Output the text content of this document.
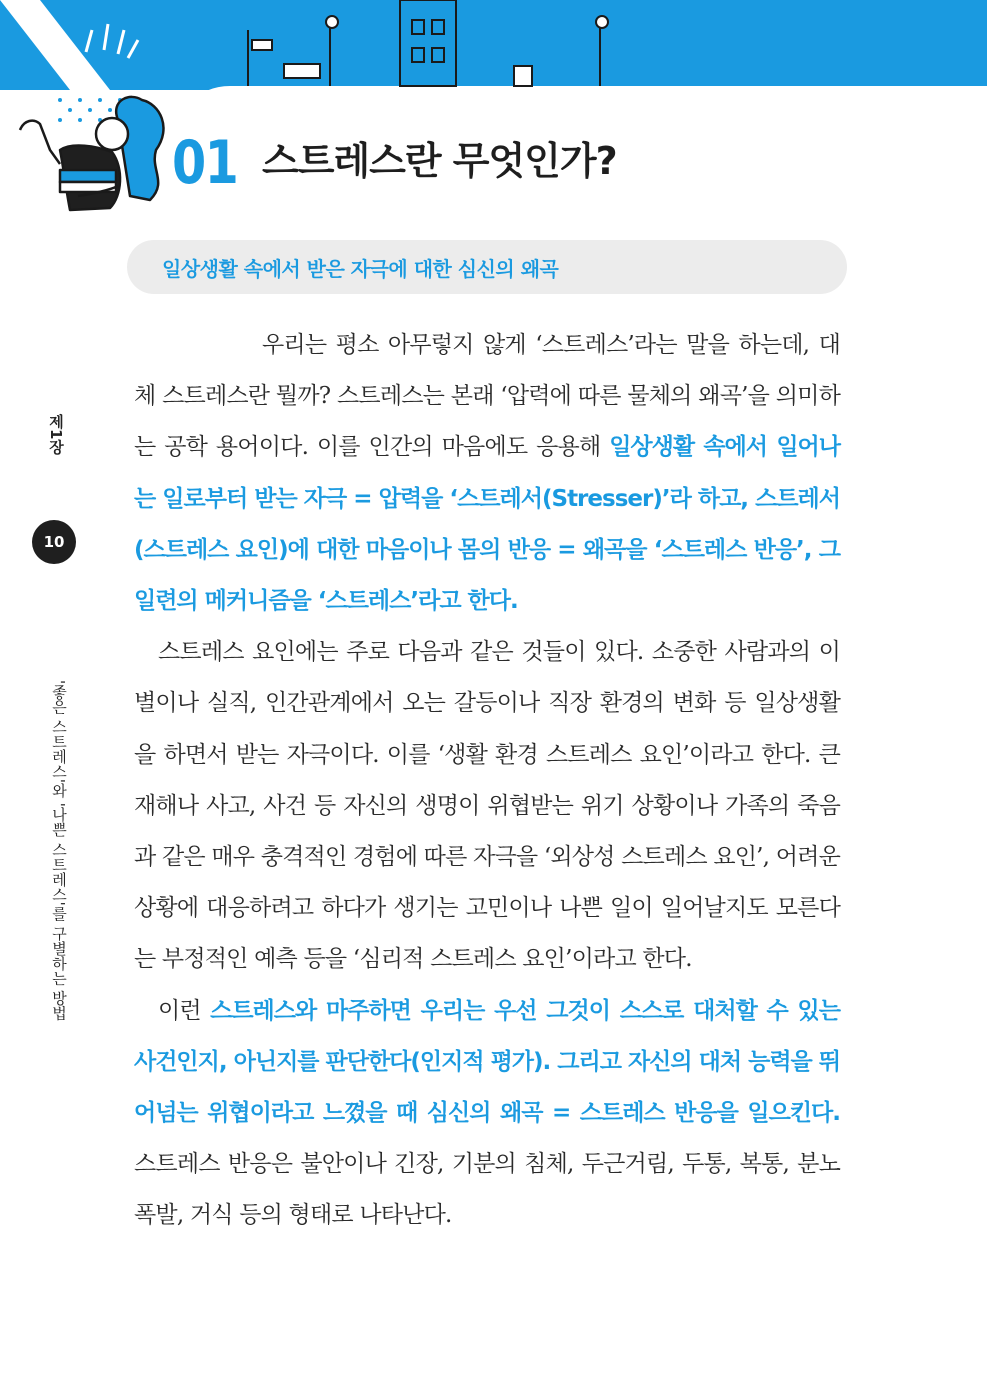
01 스트레스란 무엇인가?
일상생활 속에서 받은 자극에 대한 심신의 왜곡
제1장
10
'좋은 스트레스'와 '나쁜 스트레스'를 구별하는 방법

우리는 평소 아무렇지 않게 ‘스트레스’라는 말을 하는데, 대체 스트레스란 뭘까? 스트레스는 본래 ‘압력에 따른 물체의 왜곡’을 의미하는 공학 용어이다. 이를 인간의 마음에도 응용해 일상생활 속에서 일어나는 일로부터 받는 자극 = 압력을 ‘스트레서(Stresser)’라 하고, 스트레서(스트레스 요인)에 대한 마음이나 몸의 반응 = 왜곡을 ‘스트레스 반응’, 그 일련의 메커니즘을 ‘스트레스’라고 한다.

스트레스 요인에는 주로 다음과 같은 것들이 있다. 소중한 사람과의 이별이나 실직, 인간관계에서 오는 갈등이나 직장 환경의 변화 등 일상생활을 하면서 받는 자극이다. 이를 ‘생활 환경 스트레스 요인’이라고 한다. 큰 재해나 사고, 사건 등 자신의 생명이 위협받는 위기 상황이나 가족의 죽음과 같은 매우 충격적인 경험에 따른 자극을 ‘외상성 스트레스 요인’, 어려운 상황에 대응하려고 하다가 생기는 고민이나 나쁜 일이 일어날지도 모른다는 부정적인 예측 등을 ‘심리적 스트레스 요인’이라고 한다.

이런 스트레스와 마주하면 우리는 우선 그것이 스스로 대처할 수 있는 사건인지, 아닌지를 판단한다(인지적 평가). 그리고 자신의 대처 능력을 뛰어넘는 위협이라고 느꼈을 때 심신의 왜곡 = 스트레스 반응을 일으킨다. 스트레스 반응은 불안이나 긴장, 기분의 침체, 두근거림, 두통, 복통, 분노 폭발, 거식 등의 형태로 나타난다.
